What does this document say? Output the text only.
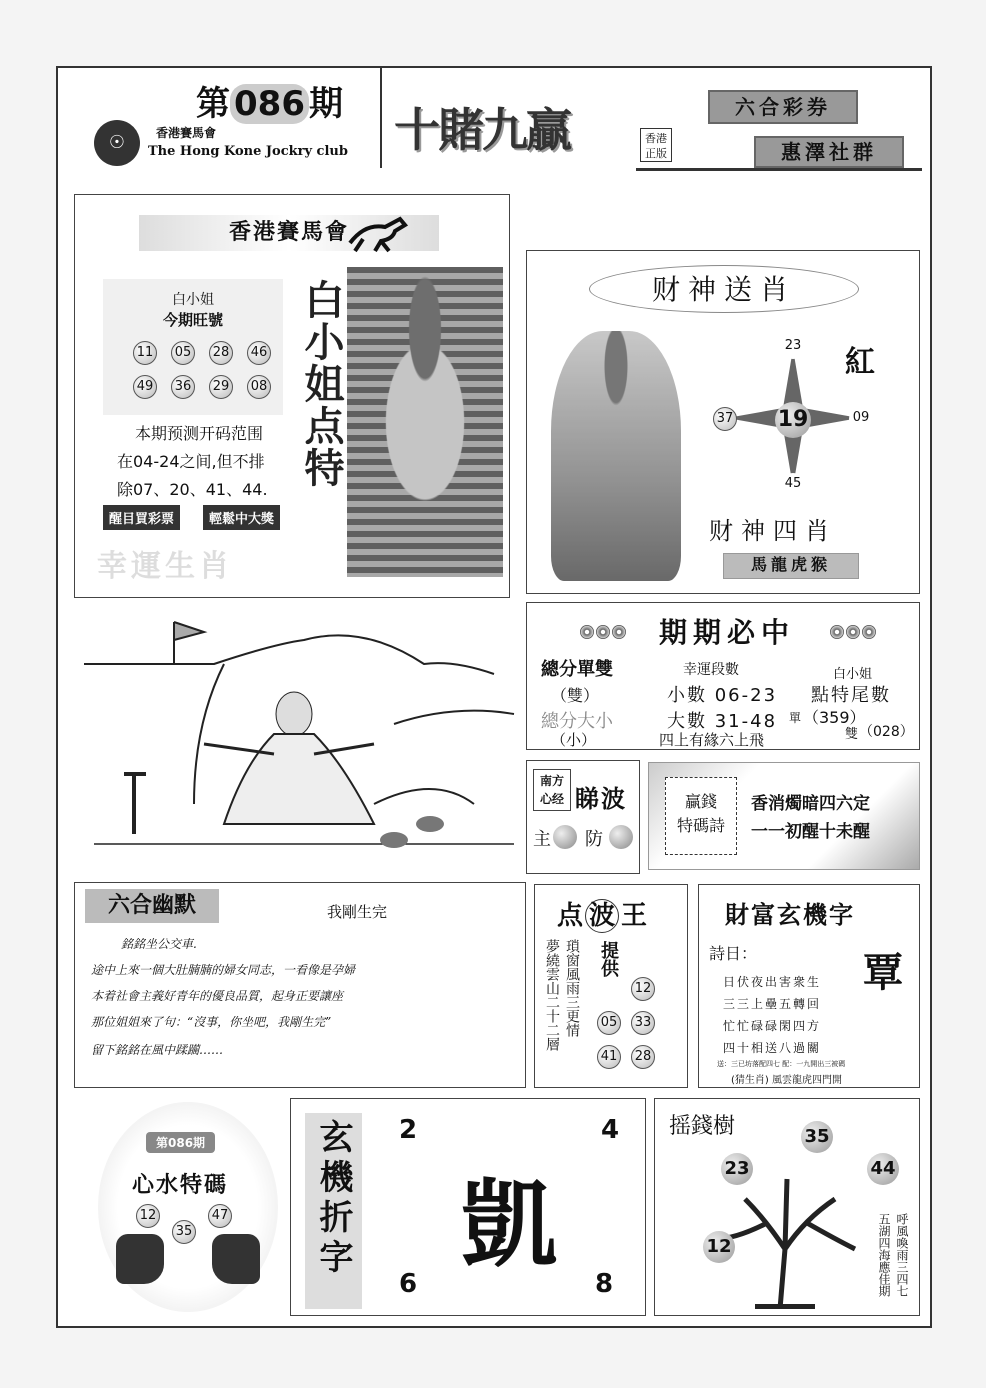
第 086 期
☉	香港賽馬會
The Hong Kone Jockry club 十賭九贏	香港正版
六合彩券
惠澤社群
香港賽馬會
白小姐
今期旺號
11 05 28 46
49 36 29 08 白小姐点特
本期预测开码范围
在04-24之间,但不排
除07、20、41、44.
醒目買彩票	輕鬆中大獎
幸運生肖
财神送肖
19
23
37	09
45
紅
财神四肖
馬龍虎猴
期期必中
總分單雙	幸運段數	白小姐
（雙）	小數 06-23 點特尾數
總分大小	大數 31-48 單 （359）
（小）	四上有緣六上飛	雙 （028）
南方
心经 睇波
主 防
贏錢
特碼詩
香消燭暗四六定
一一初醒十未醒
六合幽默	我剛生完
銘銘坐公交車.
途中上來一個大肚腩腩的婦女同志，一看像是孕婦
本着社會主義好青年的優良品質，起身正要讓座
那位姐姐來了句：“沒事，你坐吧，我剛生完”
留下銘銘在風中蹂躏……
点 波 王
夢繞雲山二十二層 瑣窗風雨三更情 提供
12
05 33
41 28
財富玄機字
詩日：	覃
日伏夜出害衆生
三三上壘五轉回
忙忙碌碌閑四方
四十相送八過關
送：三已坊落配四七 配：一九開出三被碼
(猜生肖) 風雲龍虎四門開
第086期
心水特碼
12
35
47 玄機折字	2	4
凱
6	8
摇錢樹	35
23	44
12	呼風喚雨三四七
五湖四海應佳期
